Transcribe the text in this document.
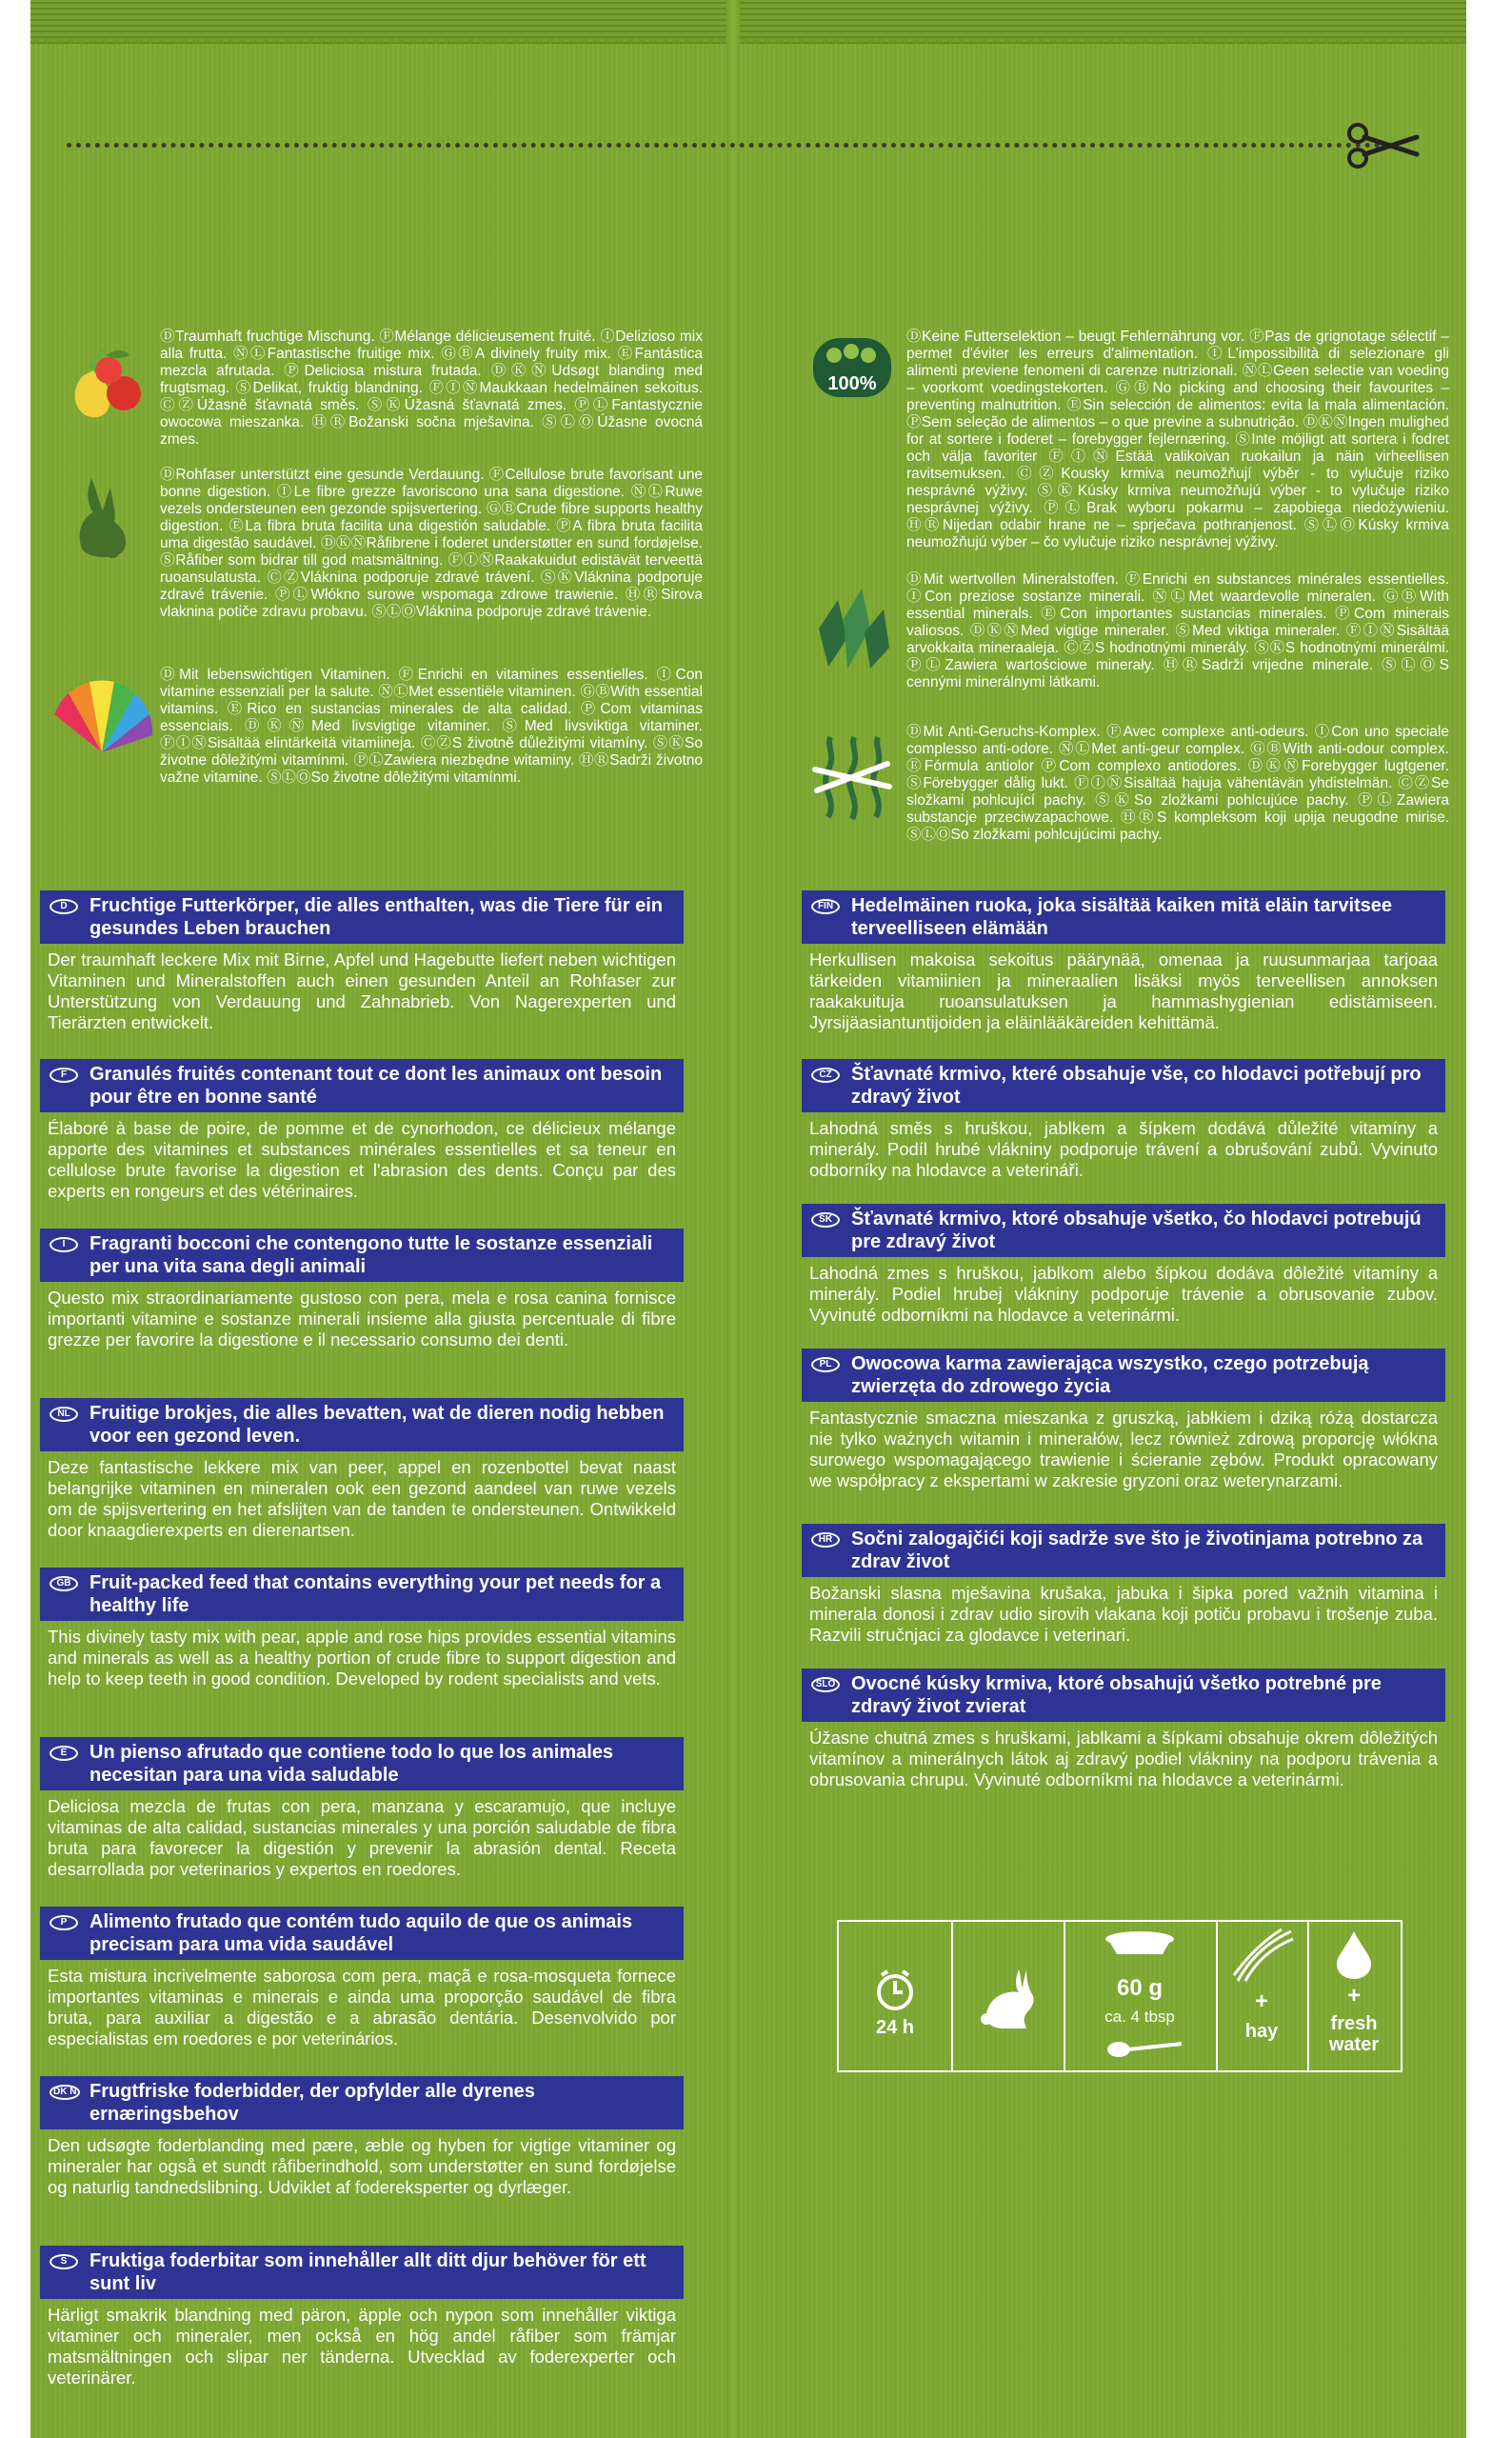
ⒹTraumhaft fruchtige Mischung. ⒻMélange délicieusement fruité. ⒾDelizioso mix alla frutta. ⓃⓁFantastische fruitige mix. ⒼⒷA divinely fruity mix. ⒺFantástica mezcla afrutada. ⓅDeliciosa mistura frutada. ⒹⓀⓃUdsøgt blanding med frugtsmag. ⓈDelikat, fruktig blandning. ⒻⒾⓃMaukkaan hedelmäinen sekoitus. ⒸⓏÚžasně šťavnatá směs. ⓈⓀÚžasná šťavnatá zmes. ⓅⓁFantastycznie owocowa mieszanka. ⒽⓇBožanski sočna mješavina. ⓈⓁⓄÚžasne ovocná zmes.
ⒹRohfaser unterstützt eine gesunde Verdauung. ⒻCellulose brute favorisant une bonne digestion. ⒾLe fibre grezze favoriscono una sana digestione. ⓃⓁRuwe vezels ondersteunen een gezonde spijsvertering. ⒼⒷCrude fibre supports healthy digestion. ⒺLa fibra bruta facilita una digestión saludable. ⓅA fibra bruta facilita uma digestão saudável. ⒹⓀⓃRåfibrene i foderet understøtter en sund fordøjelse. ⓈRåfiber som bidrar till god matsmältning. ⒻⒾⓃRaakakuidut edistävät terveettä ruoansulatusta. ⒸⓏVláknina podporuje zdravé trávení. ⓈⓀVláknina podporuje zdravé trávenie. ⓅⓁWłókno surowe wspomaga zdrowe trawienie. ⒽⓇSirova vlaknina potiče zdravu probavu. ⓈⓁⓄVláknina podporuje zdravé trávenie.
ⒹMit lebenswichtigen Vitaminen. ⒻEnrichi en vitamines essentielles. ⒾCon vitamine essenziali per la salute. ⓃⓁMet essentiële vitaminen. ⒼⒷWith essential vitamins. ⒺRico en sustancias minerales de alta calidad. ⓅCom vitaminas essenciais. ⒹⓀⓃMed livsvigtige vitaminer. ⓈMed livsviktiga vitaminer. ⒻⒾⓃSisältää elintärkeitä vitamiineja. ⒸⓏS životně důležitými vitamíny. ⓈⓀSo životne dôležitými vitamínmi. ⓅⓁZawiera niezbędne witaminy. ⒽⓇSadrži životno važne vitamine. ⓈⓁⓄSo životne dôležitými vitamínmi.
100%
ⒹKeine Futterselektion – beugt Fehlernährung vor. ⒻPas de grignotage sélectif – permet d'éviter les erreurs d'alimentation. ⒾL'impossibilità di selezionare gli alimenti previene fenomeni di carenze nutrizionali. ⓃⓁGeen selectie van voeding – voorkomt voedingstekorten. ⒼⒷNo picking and choosing their favourites – preventing malnutrition. ⒺSin selección de alimentos: evita la mala alimentación. ⓅSem seleção de alimentos – o que previne a subnutrição. ⒹⓀⓃIngen mulighed for at sortere i foderet – forebygger fejlernæring. ⓈInte möjligt att sortera i fodret och välja favoriter ⒻⒾⓃEstää valikoivan ruokailun ja näin virheellisen ravitsemuksen. ⒸⓏKousky krmiva neumožňují výběr - to vylučuje riziko nesprávné výživy. ⓈⓀKúsky krmiva neumožňujú výber - to vylučuje riziko nesprávnej výživy. ⓅⓁBrak wyboru pokarmu – zapobiega niedożywieniu. ⒽⓇNijedan odabir hrane ne – sprječava pothranjenost. ⓈⓁⓄKúsky krmiva neumožňujú výber – čo vylučuje riziko nesprávnej výživy.
ⒹMit wertvollen Mineralstoffen. ⒻEnrichi en substances minérales essentielles. ⒾCon preziose sostanze minerali. ⓃⓁMet waardevolle mineralen. ⒼⒷWith essential minerals. ⒺCon importantes sustancias minerales. ⓅCom minerais valiosos. ⒹⓀⓃMed vigtige mineraler. ⓈMed viktiga mineraler. ⒻⒾⓃSisältää arvokkaita mineraaleja. ⒸⓏS hodnotnými minerály. ⓈⓀS hodnotnými minerálmi. ⓅⓁZawiera wartościowe minerały. ⒽⓇSadrži vrijedne minerale. ⓈⓁⓄS cennými minerálnymi látkami.
ⒹMit Anti-Geruchs-Komplex. ⒻAvec complexe anti-odeurs. ⒾCon uno speciale complesso anti-odore. ⓃⓁMet anti-geur complex. ⒼⒷWith anti-odour complex. ⒺFórmula antiolor ⓅCom complexo antiodores. ⒹⓀⓃForebygger lugtgener. ⓈFörebygger dålig lukt. ⒻⒾⓃSisältää hajuja vähentävän yhdistelmän. ⒸⓏSe složkami pohlcující pachy. ⓈⓀSo zložkami pohlcujúce pachy. ⓅⓁZawiera substancje przeciwzapachowe. ⒽⓇS kompleksom koji upija neugodne mirise. ⓈⓁⓄSo zložkami pohlcujúcimi pachy.
D	Fruchtige Futterkörper, die alles enthalten, was die Tiere für ein gesundes Leben brauchen
Der traumhaft leckere Mix mit Birne, Apfel und Hagebutte liefert neben wichtigen Vitaminen und Mineralstoffen auch einen gesunden Anteil an Rohfaser zur Unterstützung von Verdauung und Zahnabrieb. Von Nagerexperten und Tierärzten entwickelt.
F	Granulés fruités contenant tout ce dont les animaux ont besoin pour être en bonne santé
Élaboré à base de poire, de pomme et de cynorhodon, ce délicieux mélange apporte des vitamines et substances minérales essentielles et sa teneur en cellulose brute favorise la digestion et l'abrasion des dents. Conçu par des experts en rongeurs et des vétérinaires.
I	Fragranti bocconi che contengono tutte le sostanze essenziali per una vita sana degli animali
Questo mix straordinariamente gustoso con pera, mela e rosa canina fornisce importanti vitamine e sostanze minerali insieme alla giusta percentuale di fibre grezze per favorire la digestione e il necessario consumo dei denti.
NL	Fruitige brokjes, die alles bevatten, wat de dieren nodig hebben voor een gezond leven.
Deze fantastische lekkere mix van peer, appel en rozenbottel bevat naast belangrijke vitaminen en mineralen ook een gezond aandeel van ruwe vezels om de spijsvertering en het afslijten van de tanden te ondersteunen. Ontwikkeld door knaagdierexperts en dierenartsen.
GB Fruit-packed feed that contains everything your pet needs for a healthy life
This divinely tasty mix with pear, apple and rose hips provides essential vitamins and minerals as well as a healthy portion of crude fibre to support digestion and help to keep teeth in good condition. Developed by rodent specialists and vets.
E	Un pienso afrutado que contiene todo lo que los animales necesitan para una vida saludable
Deliciosa mezcla de frutas con pera, manzana y escaramujo, que incluye vitaminas de alta calidad, sustancias minerales y una porción saludable de fibra bruta para favorecer la digestión y prevenir la abrasión dental. Receta desarrollada por veterinarios y expertos en roedores.
P	Alimento frutado que contém tudo aquilo de que os animais precisam para uma vida saudável
Esta mistura incrivelmente saborosa com pera, maçã e rosa-mosqueta fornece importantes vitaminas e minerais e ainda uma proporção saudável de fibra bruta, para auxiliar a digestão e a abrasão dentária. Desenvolvido por especialistas em roedores e por veterinários.
DK N Frugtfriske foderbidder, der opfylder alle dyrenes ernæringsbehov
Den udsøgte foderblanding med pære, æble og hyben for vigtige vitaminer og mineraler har også et sundt råfiberindhold, som understøtter en sund fordøjelse og naturlig tandnedslibning. Udviklet af fodereksperter og dyrlæger.
S	Fruktiga foderbitar som innehåller allt ditt djur behöver för ett sunt liv
Härligt smakrik blandning med päron, äpple och nypon som innehåller viktiga vitaminer och mineraler, men också en hög andel råfiber som främjar matsmältningen och slipar ner tänderna. Utvecklad av foderexperter och veterinärer.
FIN Hedelmäinen ruoka, joka sisältää kaiken mitä eläin tarvitsee terveelliseen elämään
Herkullisen makoisa sekoitus päärynää, omenaa ja ruusunmarjaa tarjoaa tärkeiden vitamiinien ja mineraalien lisäksi myös terveellisen annoksen raakakuituja ruoansulatuksen ja hammashygienian edistämiseen. Jyrsijäasiantuntijoiden ja eläinlääkäreiden kehittämä.
CZ	Šťavnaté krmivo, které obsahuje vše, co hlodavci potřebují pro zdravý život
Lahodná směs s hruškou, jablkem a šípkem dodává důležité vitamíny a minerály. Podíl hrubé vlákniny podporuje trávení a obrušování zubů. Vyvinuto odborníky na hlodavce a veterináři.
SK	Šťavnaté krmivo, ktoré obsahuje všetko, čo hlodavci potrebujú pre zdravý život
Lahodná zmes s hruškou, jablkom alebo šípkou dodáva dôležité vitamíny a minerály. Podiel hrubej vlákniny podporuje trávenie a obrusovanie zubov. Vyvinuté odborníkmi na hlodavce a veterinármi.
PL	Owocowa karma zawierająca wszystko, czego potrzebują zwierzęta do zdrowego życia
Fantastycznie smaczna mieszanka z gruszką, jabłkiem i dziką różą dostarcza nie tylko ważnych witamin i minerałów, lecz również zdrową proporcję włókna surowego wspomagającego trawienie i ścieranie zębów. Produkt opracowany we współpracy z ekspertami w zakresie gryzoni oraz weterynarzami.
HR Sočni zalogajčići koji sadrže sve što je životinjama potrebno za zdrav život
Božanski slasna mješavina krušaka, jabuka i šipka pored važnih vitamina i minerala donosi i zdrav udio sirovih vlakana koji potiču probavu i trošenje zuba. Razvili stručnjaci za glodavce i veterinari.
SLO Ovocné kúsky krmiva, ktoré obsahujú všetko potrebné pre zdravý život zvierat
Úžasne chutná zmes s hruškami, jablkami a šípkami obsahuje okrem dôležitých vitamínov a minerálnych látok aj zdravý podiel vlákniny na podporu trávenia a obrusovania chrupu. Vyvinuté odborníkmi na hlodavce a veterinármi.
24 h
60 g
ca. 4 tbsp
+
hay
+
fresh water
